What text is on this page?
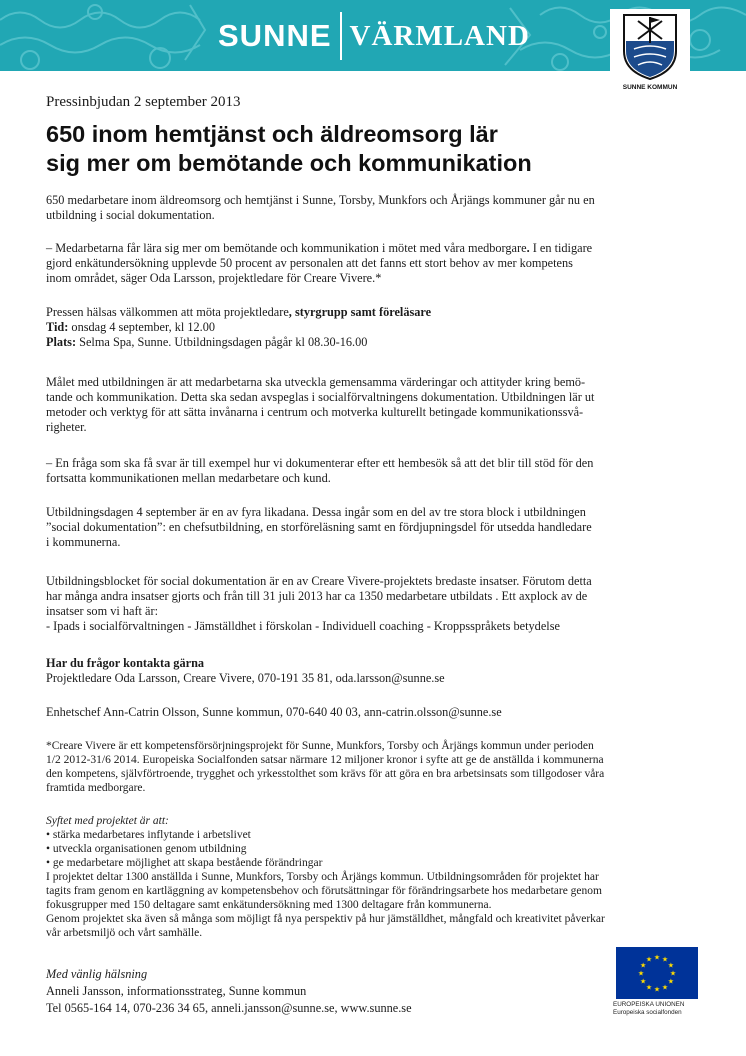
SUNNE VÄRMLAND
SUNNE KOMMUN
Pressinbjudan 2 september 2013
650 inom hemtjänst och äldreomsorg lär
sig mer om bemötande och kommunikation
650 medarbetare inom äldreomsorg och hemtjänst i Sunne, Torsby, Munkfors och Årjängs kommuner går nu en
utbildning i social dokumentation.
– Medarbetarna får lära sig mer om bemötande och kommunikation i mötet med våra medborgare. I en tidigare
gjord enkätundersökning upplevde 50 procent av personalen att det fanns ett stort behov av mer kompetens
inom området, säger Oda Larsson, projektledare för Creare Vivere.*
Pressen hälsas välkommen att möta projektledare, styrgrupp samt föreläsare
Tid: onsdag 4 september, kl 12.00
Plats: Selma Spa, Sunne. Utbildningsdagen pågår kl 08.30-16.00
Målet med utbildningen är att medarbetarna ska utveckla gemensamma värderingar och attityder kring bemö-
tande och kommunikation. Detta ska sedan avspeglas i socialförvaltningens dokumentation. Utbildningen lär ut
metoder och verktyg för att sätta invånarna i centrum och motverka kulturellt betingade kommunikationssvå-
righeter.
– En fråga som ska få svar är till exempel hur vi dokumenterar efter ett hembesök så att det blir till stöd för den
fortsatta kommunikationen mellan medarbetare och kund.
Utbildningsdagen 4 september är en av fyra likadana. Dessa ingår som en del av tre stora block i utbildningen
”social dokumentation”: en chefsutbildning, en storföreläsning samt en fördjupningsdel för utsedda handledare
i kommunerna.
Utbildningsblocket för social dokumentation är en av Creare Vivere-projektets bredaste insatser. Förutom detta
har många andra insatser gjorts och från till 31 juli 2013 har ca 1350 medarbetare utbildats . Ett axplock av de
insatser som vi haft är:
- Ipads i socialförvaltningen - Jämställdhet i förskolan - Individuell coaching - Kroppsspråkets betydelse
Har du frågor kontakta gärna
Projektledare Oda Larsson, Creare Vivere, 070-191 35 81, oda.larsson@sunne.se
Enhetschef Ann-Catrin Olsson, Sunne kommun, 070-640 40 03, ann-catrin.olsson@sunne.se
*Creare Vivere är ett kompetensförsörjningsprojekt för Sunne, Munkfors, Torsby och Årjängs kommun under perioden
1/2 2012-31/6 2014. Europeiska Socialfonden satsar närmare 12 miljoner kronor i syfte att ge de anställda i kommunerna
den kompetens, självförtroende, trygghet och yrkesstolthet som krävs för att göra en bra arbetsinsats som tillgodoser våra
framtida medborgare.
Syftet med projektet är att:
• stärka medarbetares inflytande i arbetslivet
• utveckla organisationen genom utbildning
• ge medarbetare möjlighet att skapa bestående förändringar
I projektet deltar 1300 anställda i Sunne, Munkfors, Torsby och Årjängs kommun. Utbildningsområden för projektet har
tagits fram genom en kartläggning av kompetensbehov och förutsättningar för förändringsarbete hos medarbetare genom
fokusgrupper med 150 deltagare samt enkätundersökning med 1300 deltagare från kommunerna.
Genom projektet ska även så många som möjligt få nya perspektiv på hur jämställdhet, mångfald och kreativitet påverkar
vår arbetsmiljö och vårt samhälle.
Med vänlig hälsning
Anneli Jansson, informationsstrateg, Sunne kommun
Tel 0565-164 14, 070-236 34 65, anneli.jansson@sunne.se, www.sunne.se
★ ★
★
★
★
★
★
★
★
★
★
★
EUROPEISKA UNIONEN
Europeiska socialfonden
